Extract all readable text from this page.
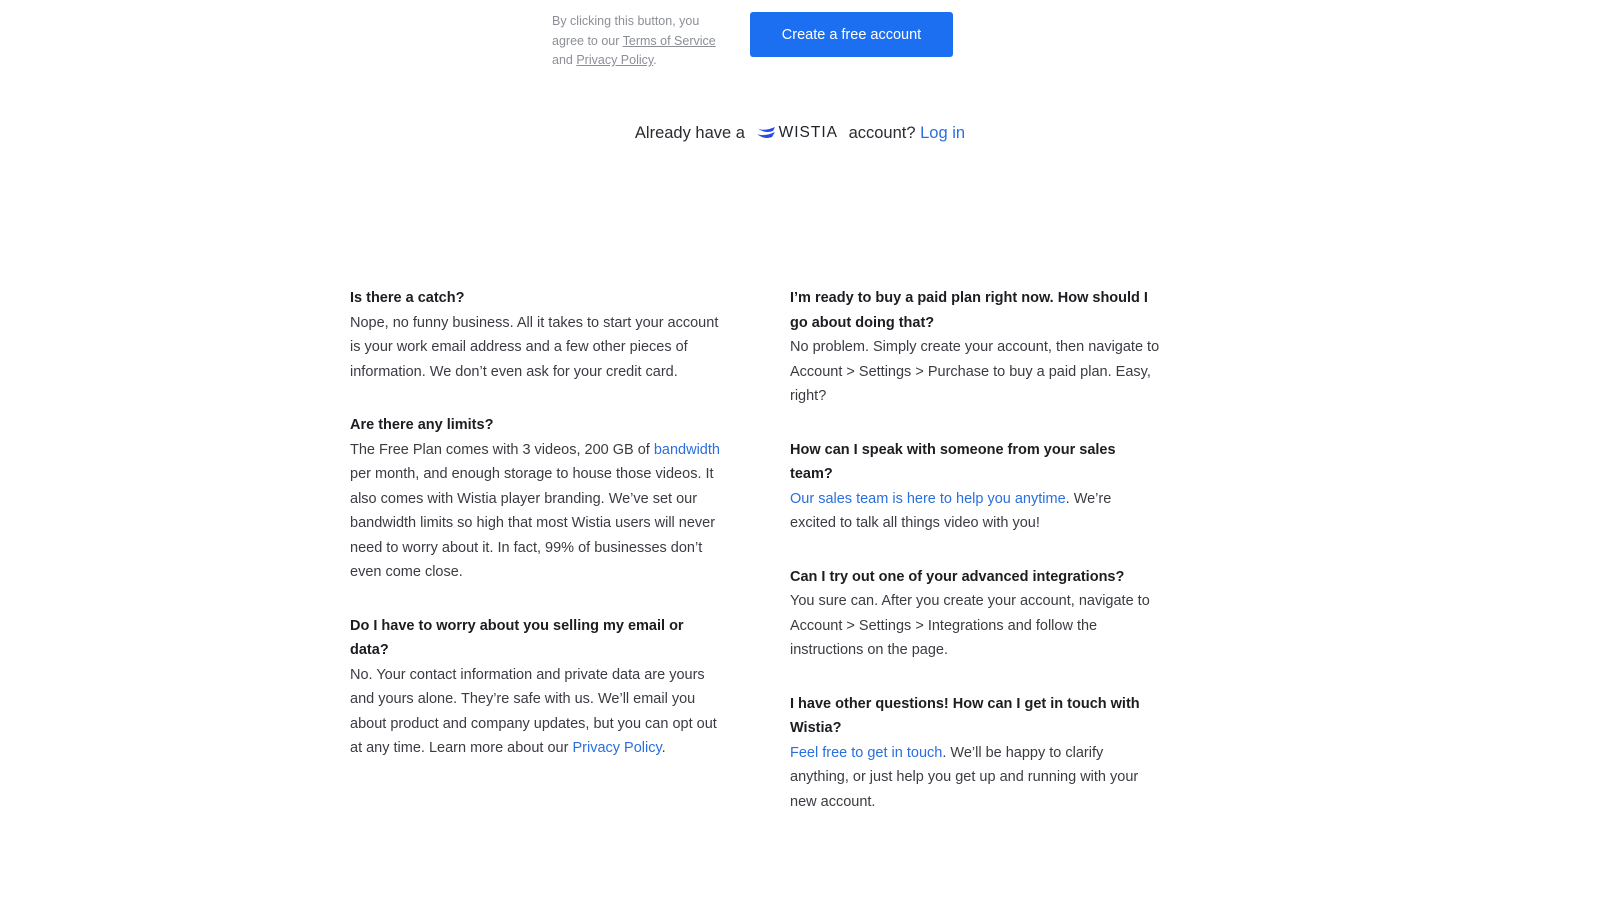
By clicking this button, you agree to our Terms of Service and Privacy Policy.
Create a free account
Already have a WISTIA account? Log in
Is there a catch?
Nope, no funny business. All it takes to start your account is your work email address and a few other pieces of information. We don’t even ask for your credit card.
Are there any limits?
The Free Plan comes with 3 videos, 200 GB of bandwidth per month, and enough storage to house those videos. It also comes with Wistia player branding. We’ve set our bandwidth limits so high that most Wistia users will never need to worry about it. In fact, 99% of businesses don’t even come close.
Do I have to worry about you selling my email or data?
No. Your contact information and private data are yours and yours alone. They’re safe with us. We’ll email you about product and company updates, but you can opt out at any time. Learn more about our Privacy Policy.
I’m ready to buy a paid plan right now. How should I go about doing that?
No problem. Simply create your account, then navigate to Account > Settings > Purchase to buy a paid plan. Easy, right?
How can I speak with someone from your sales team?
Our sales team is here to help you anytime. We’re excited to talk all things video with you!
Can I try out one of your advanced integrations?
You sure can. After you create your account, navigate to Account > Settings > Integrations and follow the instructions on the page.
I have other questions! How can I get in touch with Wistia?
Feel free to get in touch. We’ll be happy to clarify anything, or just help you get up and running with your new account.
